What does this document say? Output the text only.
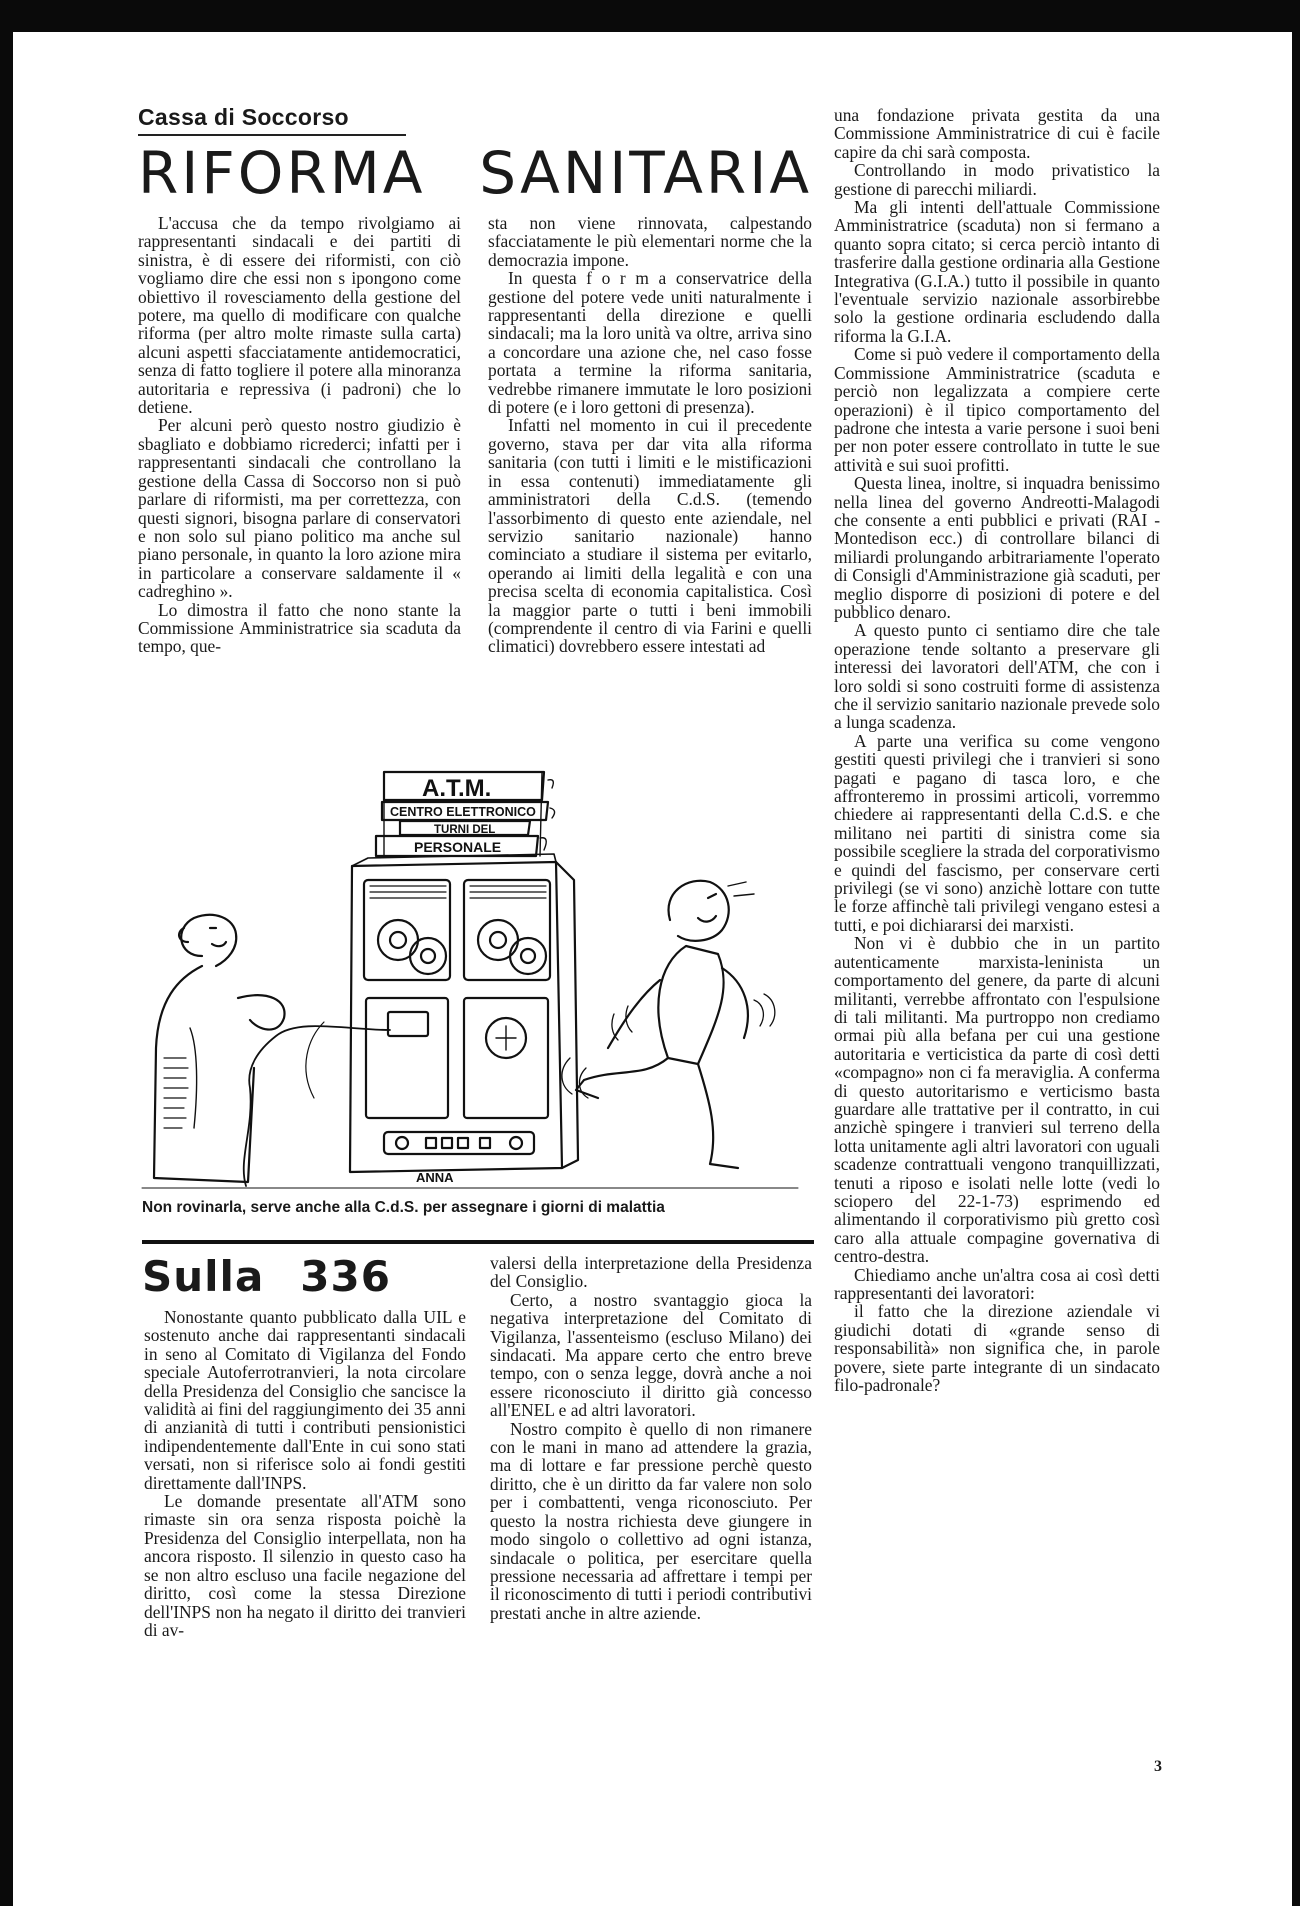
Cassa di Soccorso
RIFORMA SANITARIA

L'accusa che da tempo rivolgiamo ai rappresentanti sindacali e dei partiti di sinistra, è di essere dei riformisti, con ciò vogliamo dire che essi non s ipongono come obiettivo il rovesciamento della gestione del potere, ma quello di modificare con qualche riforma (per altro molte rimaste sulla carta) alcuni aspetti sfacciatamente antidemocratici, senza di fatto togliere il potere alla minoranza autoritaria e repressiva (i padroni) che lo detiene.

Per alcuni però questo nostro giudizio è sbagliato e dobbiamo ricrederci; infatti per i rappresentanti sindacali che controllano la gestione della Cassa di Soccorso non si può parlare di riformisti, ma per correttezza, con questi signori, bisogna parlare di conservatori e non solo sul piano politico ma anche sul piano personale, in quanto la loro azione mira in particolare a conservare saldamente il « cadreghino ».

Lo dimostra il fatto che nono stante la Commissione Amministratrice sia scaduta da tempo, que-

sta non viene rinnovata, calpestando sfacciatamente le più elementari norme che la democrazia impone.

In questa f o r m a conservatrice della gestione del potere vede uniti naturalmente i rappresentanti della direzione e quelli sindacali; ma la loro unità va oltre, arriva sino a concordare una azione che, nel caso fosse portata a termine la riforma sanitaria, vedrebbe rimanere immutate le loro posizioni di potere (e i loro gettoni di presenza).

Infatti nel momento in cui il precedente governo, stava per dar vita alla riforma sanitaria (con tutti i limiti e le mistificazioni in essa contenuti) immediatamente gli amministratori della C.d.S. (temendo l'assorbimento di questo ente aziendale, nel servizio sanitario nazionale) hanno cominciato a studiare il sistema per evitarlo, operando ai limiti della legalità e con una precisa scelta di economia capitalistica. Così la maggior parte o tutti i beni immobili (comprendente il centro di via Farini e quelli climatici) dovrebbero essere intestati ad

una fondazione privata gestita da una Commissione Amministratrice di cui è facile capire da chi sarà composta.

Controllando in modo privatistico la gestione di parecchi miliardi.

Ma gli intenti dell'attuale Commissione Amministratrice (scaduta) non si fermano a quanto sopra citato; si cerca perciò intanto di trasferire dalla gestione ordinaria alla Gestione Integrativa (G.I.A.) tutto il possibile in quanto l'eventuale servizio nazionale assorbirebbe solo la gestione ordinaria escludendo dalla riforma la G.I.A.

Come si può vedere il comportamento della Commissione Amministratrice (scaduta e perciò non legalizzata a compiere certe operazioni) è il tipico comportamento del padrone che intesta a varie persone i suoi beni per non poter essere controllato in tutte le sue attività e sui suoi profitti.

Questa linea, inoltre, si inquadra benissimo nella linea del governo Andreotti-Malagodi che consente a enti pubblici e privati (RAI - Montedison ecc.) di controllare bilanci di miliardi prolungando arbitrariamente l'operato di Consigli d'Amministrazione già scaduti, per meglio disporre di posizioni di potere e del pubblico denaro.

A questo punto ci sentiamo dire che tale operazione tende soltanto a preservare gli interessi dei lavoratori dell'ATM, che con i loro soldi si sono costruiti forme di assistenza che il servizio sanitario nazionale prevede solo a lunga scadenza.

A parte una verifica su come vengono gestiti questi privilegi che i tranvieri si sono pagati e pagano di tasca loro, e che affronteremo in prossimi articoli, vorremmo chiedere ai rappresentanti della C.d.S. e che militano nei partiti di sinistra come sia possibile scegliere la strada del corporativismo e quindi del fascismo, per conservare certi privilegi (se vi sono) anzichè lottare con tutte le forze affinchè tali privilegi vengano estesi a tutti, e poi dichiararsi dei marxisti.

Non vi è dubbio che in un partito autenticamente marxista-leninista un comportamento del genere, da parte di alcuni militanti, verrebbe affrontato con l'espulsione di tali militanti. Ma purtroppo non crediamo ormai più alla befana per cui una gestione autoritaria e verticistica da parte di così detti «compagno» non ci fa meraviglia. A conferma di questo autoritarismo e verticismo basta guardare alle trattative per il contratto, in cui anzichè spingere i tranvieri sul terreno della lotta unitamente agli altri lavoratori con uguali scadenze contrattuali vengono tranquillizzati, tenuti a riposo e isolati nelle lotte (vedi lo sciopero del 22-1-73) esprimendo ed alimentando il corporativismo più gretto così caro alla attuale compagine governativa di centro-destra.

Chiediamo anche un'altra cosa ai così detti rappresentanti dei lavoratori:

il fatto che la direzione aziendale vi giudichi dotati di «grande senso di responsabilità» non significa che, in parole povere, siete parte integrante di un sindacato filo-padronale?

A.T.M.
CENTRO ELETTRONICO
TURNI DEL
PERSONALE
ANNA
Non rovinarla, serve anche alla C.d.S. per assegnare i giorni di malattia
Sulla 336

Nonostante quanto pubblicato dalla UIL e sostenuto anche dai rappresentanti sindacali in seno al Comitato di Vigilanza del Fondo speciale Autoferrotranvieri, la nota circolare della Presidenza del Consiglio che sancisce la validità ai fini del raggiungimento dei 35 anni di anzianità di tutti i contributi pensionistici indipendentemente dall'Ente in cui sono stati versati, non si riferisce solo ai fondi gestiti direttamente dall'INPS.

Le domande presentate all'ATM sono rimaste sin ora senza risposta poichè la Presidenza del Consiglio interpellata, non ha ancora risposto. Il silenzio in questo caso ha se non altro escluso una facile negazione del diritto, così come la stessa Direzione dell'INPS non ha negato il diritto dei tranvieri di av-

valersi della interpretazione della Presidenza del Consiglio.

Certo, a nostro svantaggio gioca la negativa interpretazione del Comitato di Vigilanza, l'assenteismo (escluso Milano) dei sindacati. Ma appare certo che entro breve tempo, con o senza legge, dovrà anche a noi essere riconosciuto il diritto già concesso all'ENEL e ad altri lavoratori.

Nostro compito è quello di non rimanere con le mani in mano ad attendere la grazia, ma di lottare e far pressione perchè questo diritto, che è un diritto da far valere non solo per i combattenti, venga riconosciuto. Per questo la nostra richiesta deve giungere in modo singolo o collettivo ad ogni istanza, sindacale o politica, per esercitare quella pressione necessaria ad affrettare i tempi per il riconoscimento di tutti i periodi contributivi prestati anche in altre aziende.

3
